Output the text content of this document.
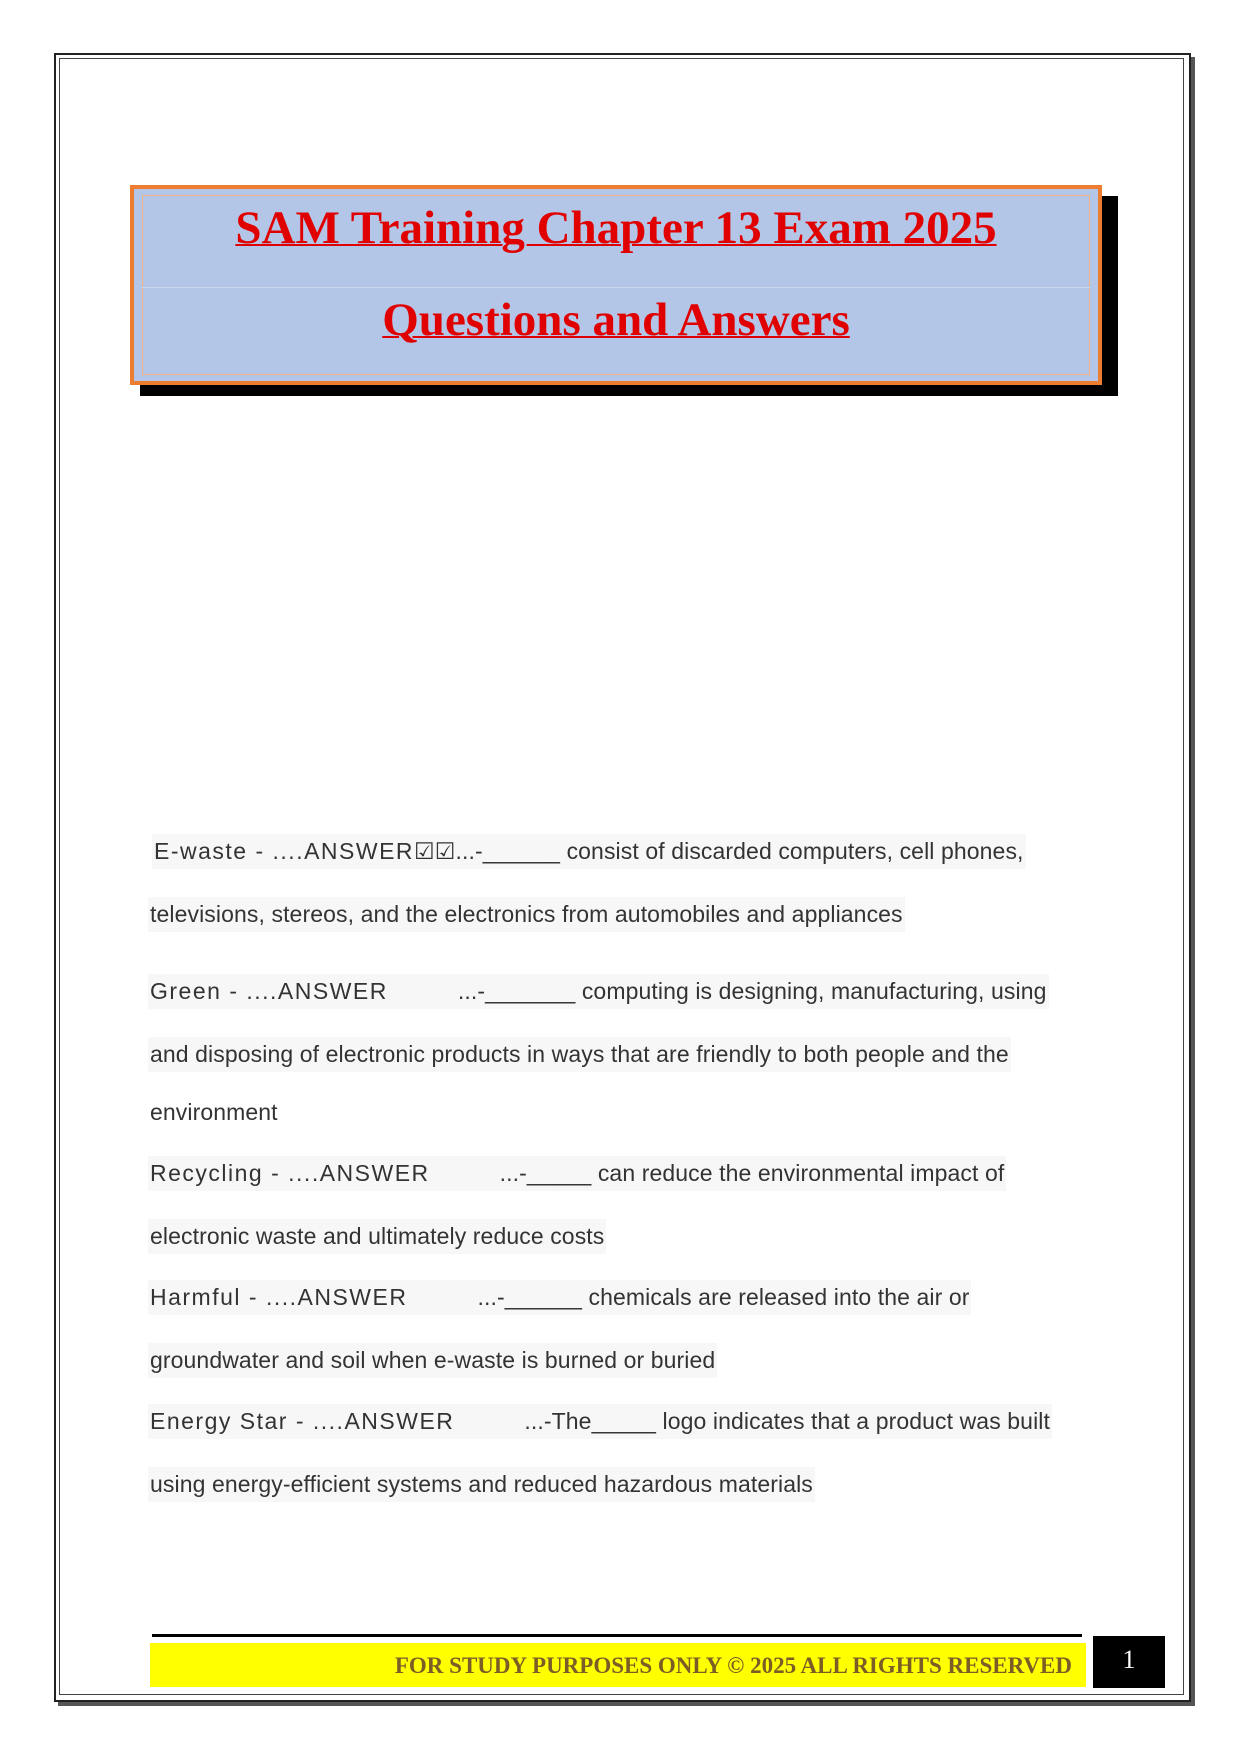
SAM Training Chapter 13 Exam 2025
Questions and Answers
E-waste - ....ANSWER☑☑...-______ consist of discarded computers, cell phones,
televisions, stereos, and the electronics from automobiles and appliances
Green - ....ANSWER	...-_______ computing is designing, manufacturing, using
and disposing of electronic products in ways that are friendly to both people and the
environment
Recycling - ....ANSWER	...-_____ can reduce the environmental impact of
electronic waste and ultimately reduce costs
Harmful - ....ANSWER	...-______ chemicals are released into the air or
groundwater and soil when e-waste is burned or buried
Energy Star - ....ANSWER	...-The_____ logo indicates that a product was built
using energy-efficient systems and reduced hazardous materials
FOR STUDY PURPOSES ONLY © 2025 ALL RIGHTS RESERVED	1
